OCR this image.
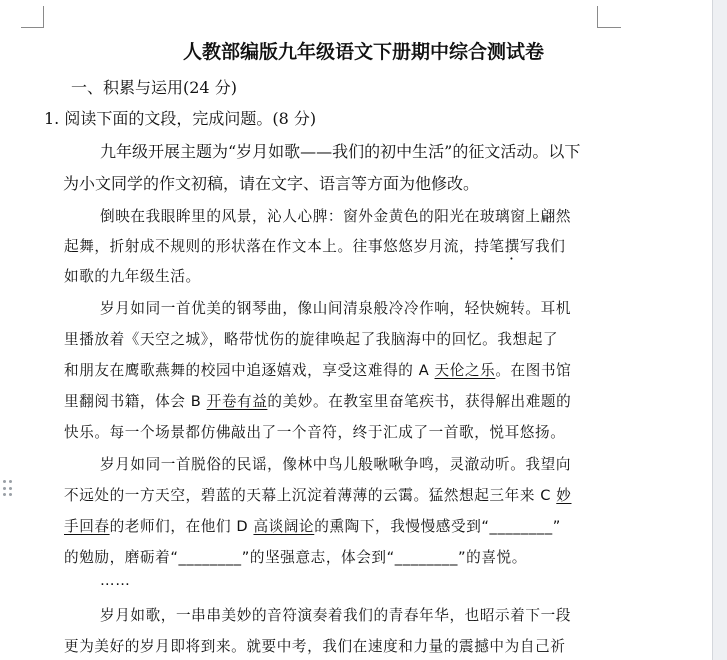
人教部编版九年级语文下册期中综合测试卷
一、积累与运用(24 分)
1. 阅读下面的文段，完成问题。(8 分)
九年级开展主题为“岁月如歌——我们的初中生活”的征文活动。以下
为小文同学的作文初稿，请在文字、语言等方面为他修改。
倒映在我眼眸里的风景，沁人心脾：窗外金黄色的阳光在玻璃窗上翩然
起舞，折射成不规则的形状落在作文本上。往事悠悠岁月流，持笔撰写我们
如歌的九年级生活。
岁月如同一首优美的钢琴曲，像山间清泉般冷冷作响，轻快婉转。耳机
里播放着《天空之城》，略带忧伤的旋律唤起了我脑海中的回忆。我想起了
和朋友在鹰歌燕舞的校园中追逐嬉戏，享受这难得的 A 天伦之乐。在图书馆
里翻阅书籍，体会 B 开卷有益的美妙。在教室里奋笔疾书，获得解出难题的
快乐。每一个场景都仿佛敲出了一个音符，终于汇成了一首歌，悦耳悠扬。
岁月如同一首脱俗的民谣，像林中鸟儿般啾啾争鸣，灵澈动听。我望向
不远处的一方天空，碧蓝的天幕上沉淀着薄薄的云霭。猛然想起三年来 C 妙
手回春的老师们，在他们 D 高谈阔论的熏陶下，我慢慢感受到“________”
的勉励，磨砺着“________”的坚强意志，体会到“________”的喜悦。
……
岁月如歌，一串串美妙的音符演奏着我们的青春年华，也昭示着下一段
更为美好的岁月即将到来。就要中考，我们在速度和力量的震撼中为自己祈
